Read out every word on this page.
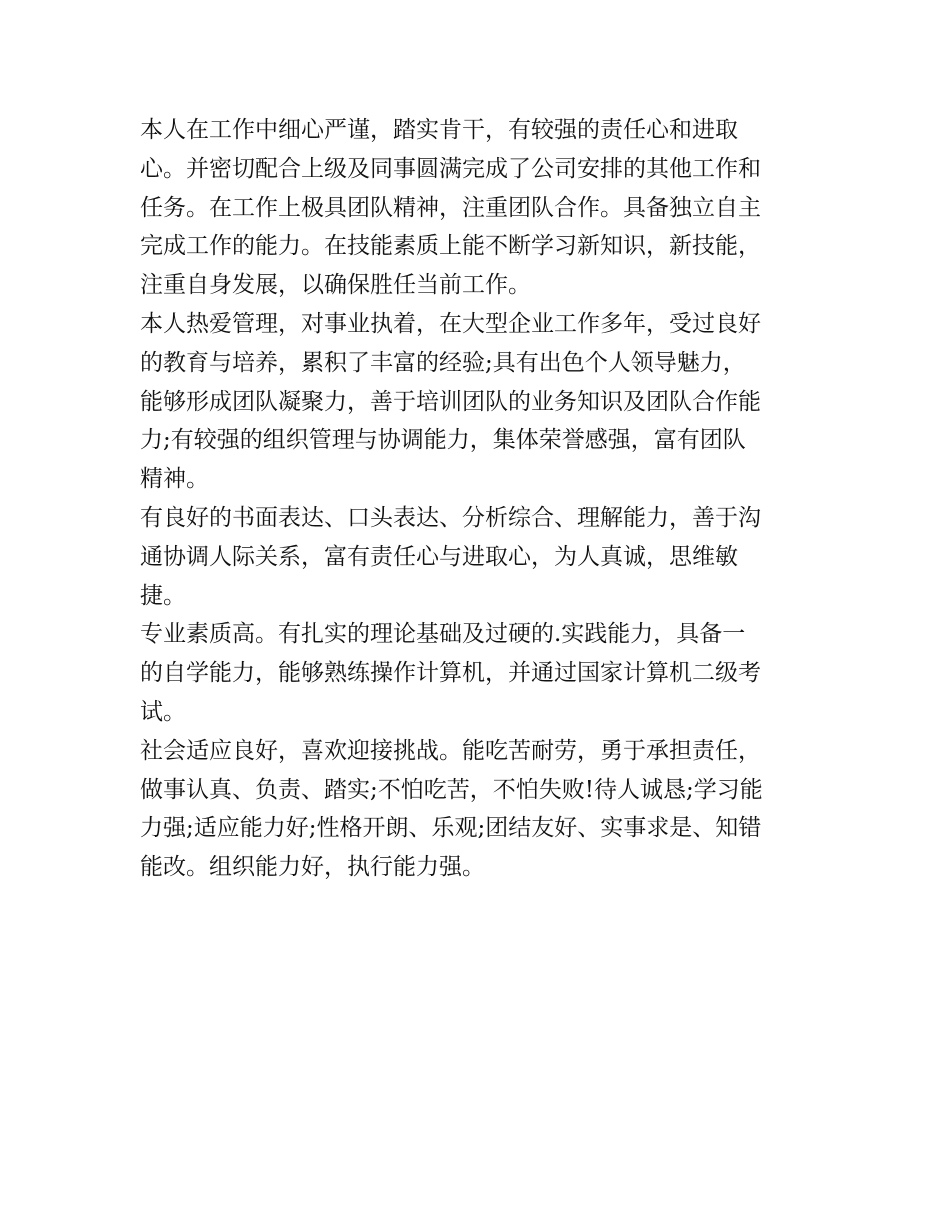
本人在工作中细心严谨，踏实肯干，有较强的责任心和进取
心。并密切配合上级及同事圆满完成了公司安排的其他工作和
任务。在工作上极具团队精神，注重团队合作。具备独立自主
完成工作的能力。在技能素质上能不断学习新知识，新技能，
注重自身发展，以确保胜任当前工作。
本人热爱管理，对事业执着，在大型企业工作多年，受过良好
的教育与培养，累积了丰富的经验;具有出色个人领导魅力，
能够形成团队凝聚力，善于培训团队的业务知识及团队合作能
力;有较强的组织管理与协调能力，集体荣誉感强，富有团队
精神。
有良好的书面表达、口头表达、分析综合、理解能力，善于沟
通协调人际关系，富有责任心与进取心，为人真诚，思维敏
捷。
专业素质高。有扎实的理论基础及过硬的.实践能力，具备一
的自学能力，能够熟练操作计算机，并通过国家计算机二级考
试。
社会适应良好，喜欢迎接挑战。能吃苦耐劳，勇于承担责任，
做事认真、负责、踏实;不怕吃苦，不怕失败!待人诚恳;学习能
力强;适应能力好;性格开朗、乐观;团结友好、实事求是、知错
能改。组织能力好，执行能力强。
